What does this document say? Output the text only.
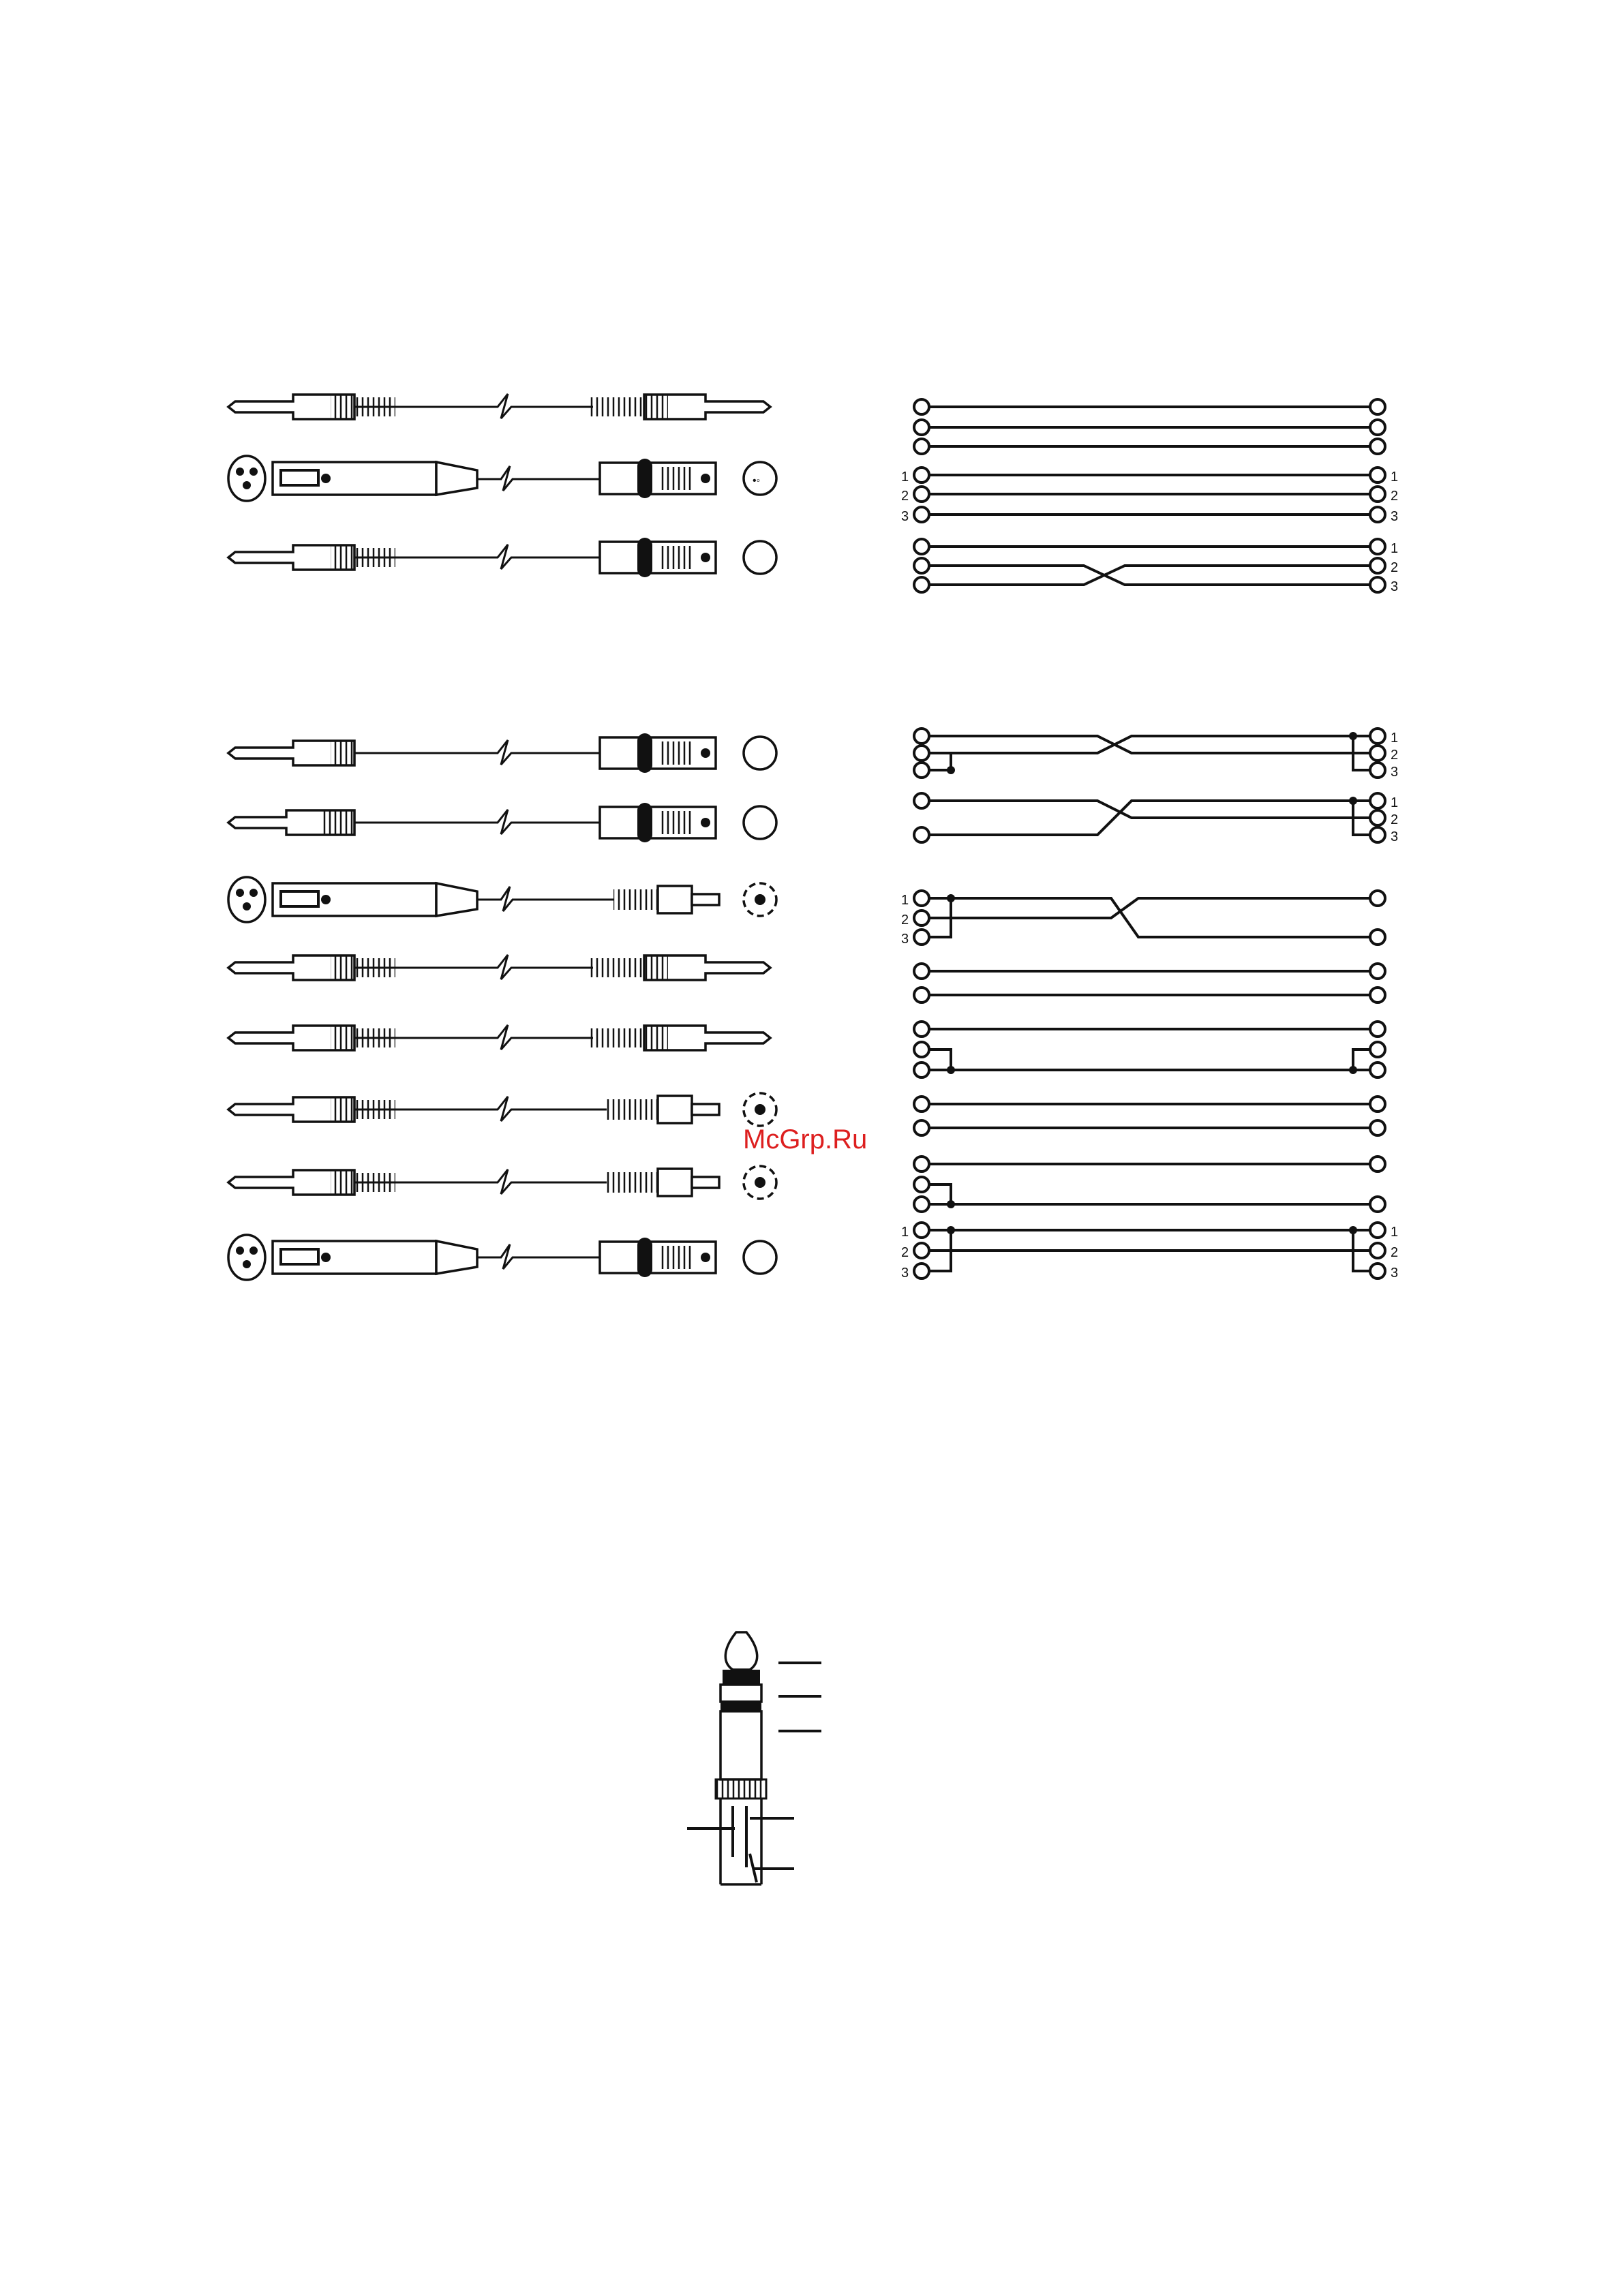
•◦	1
2
3
1
2
3
1
2
3
1
2
3
1
2
3
1
2
3
1
2
3
1
2
3
McGrp.Ru
